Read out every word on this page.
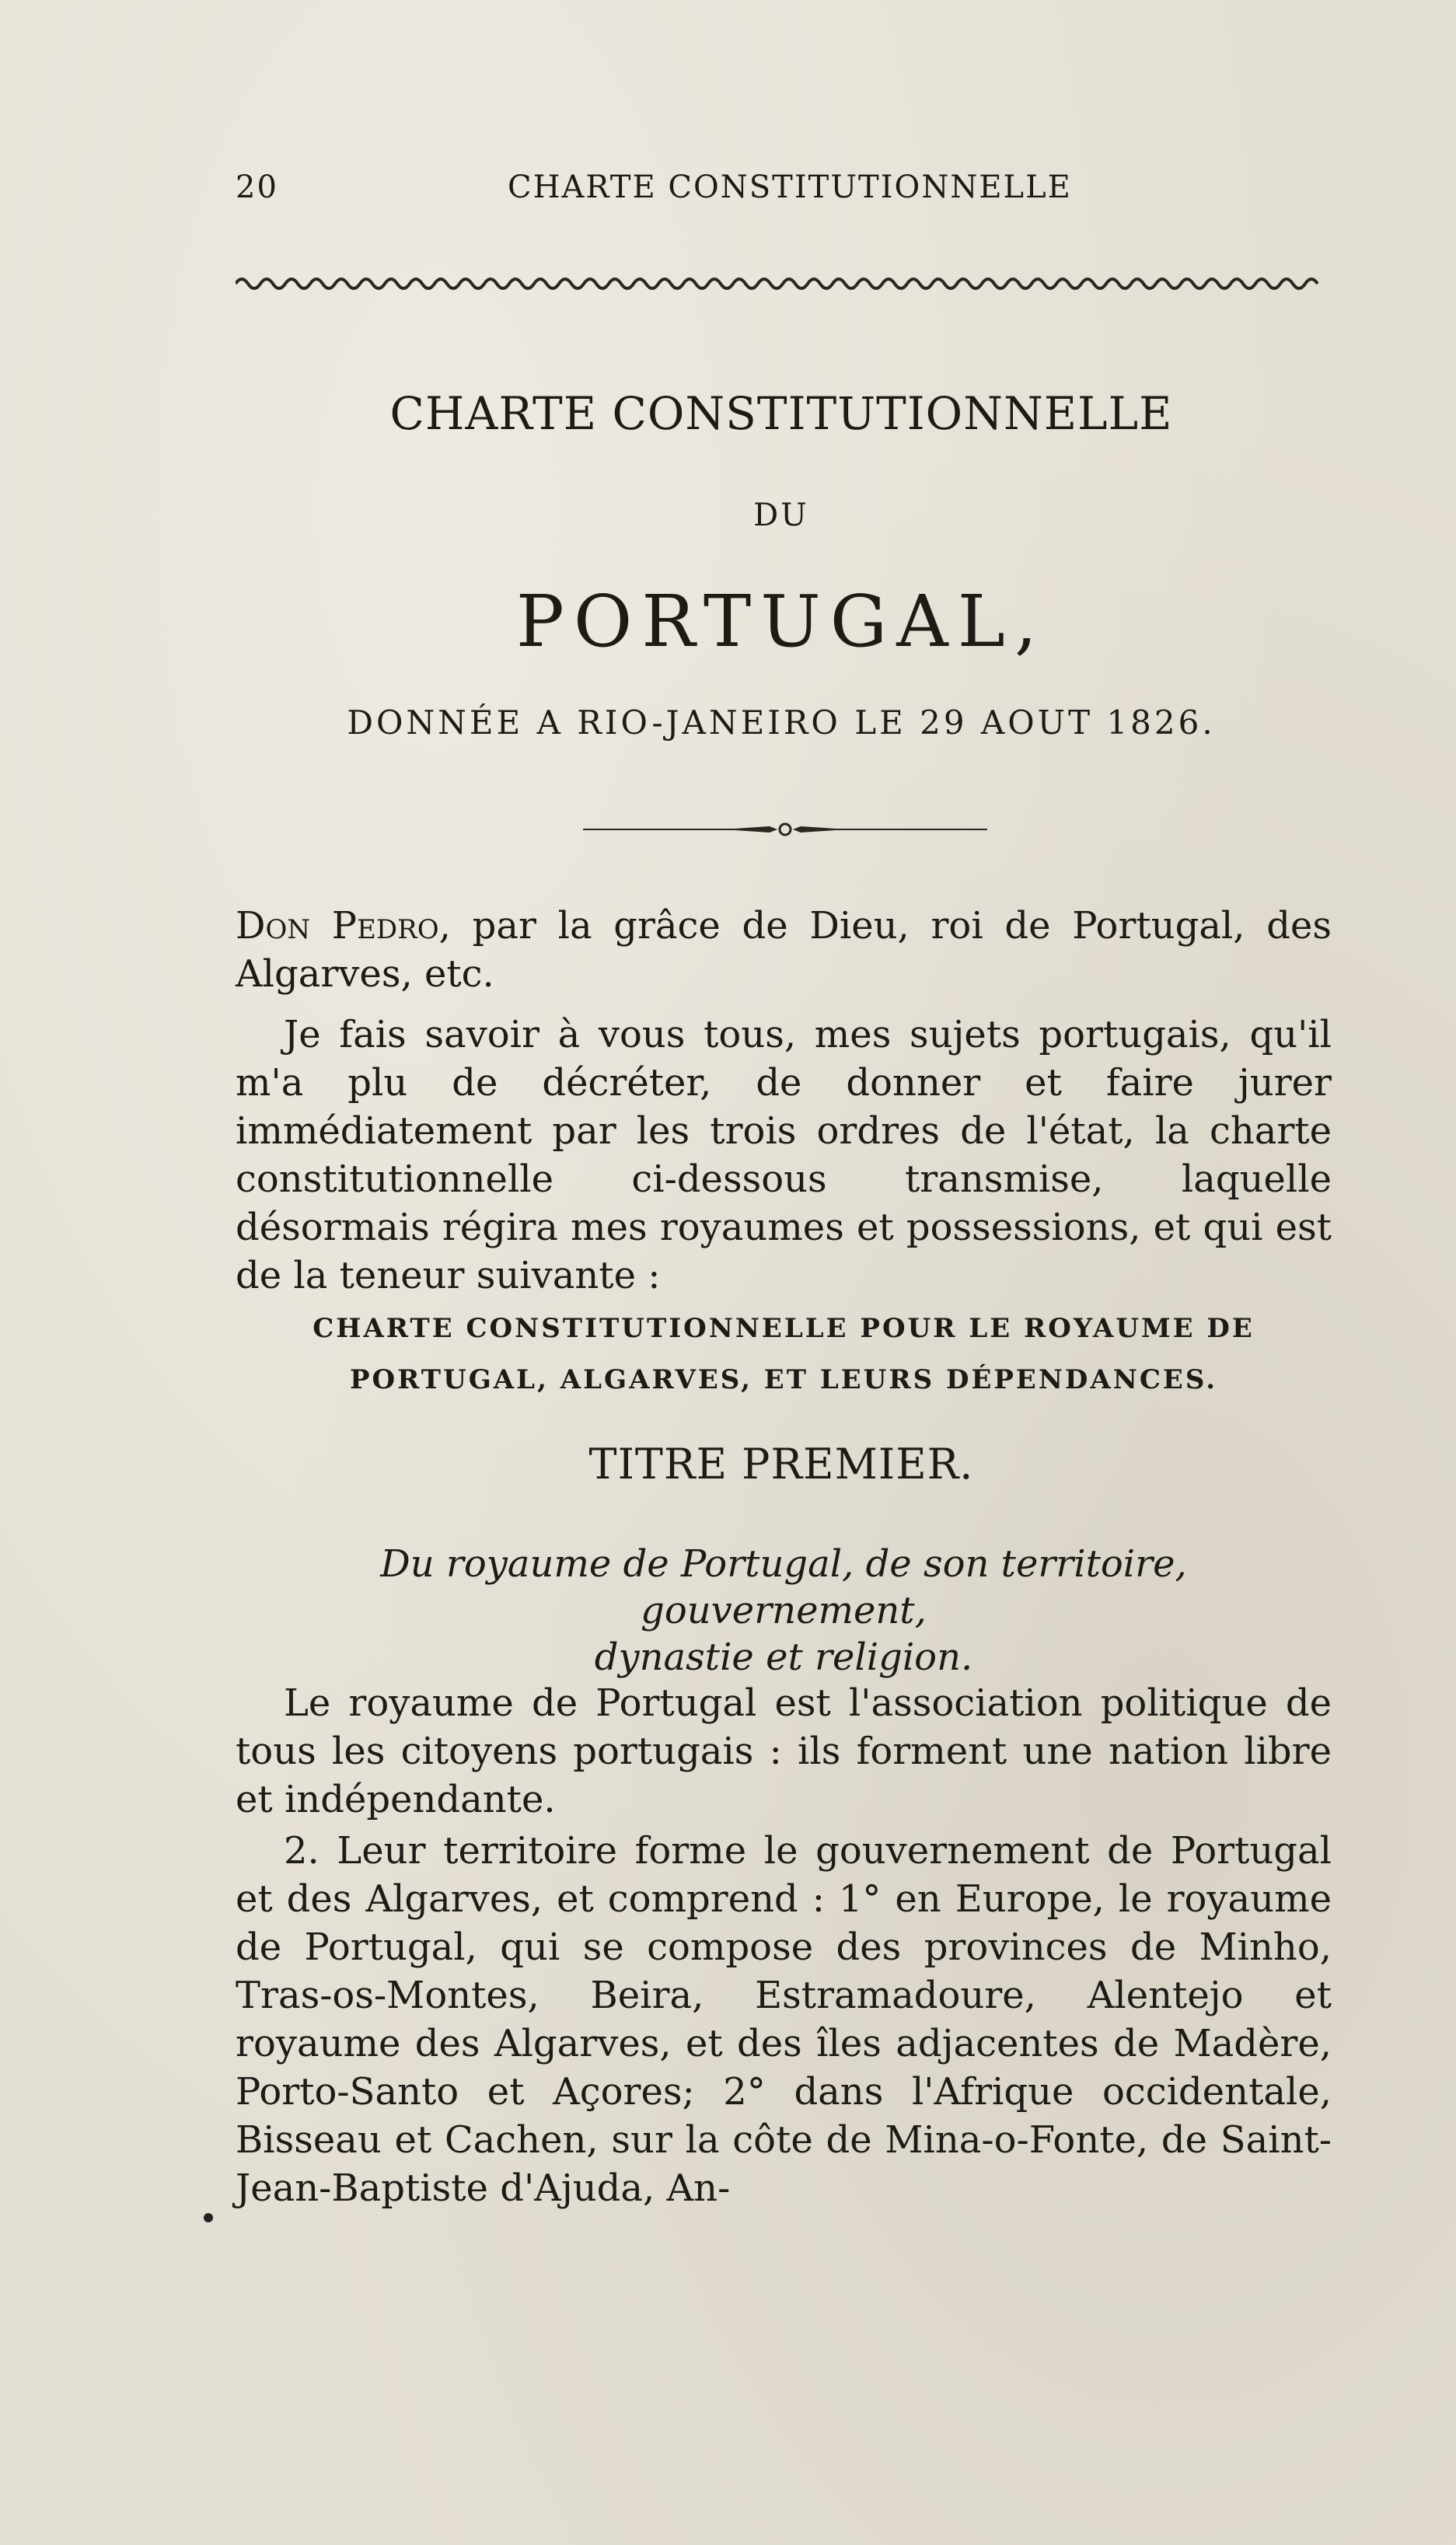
20	CHARTE CONSTITUTIONNELLE
CHARTE CONSTITUTIONNELLE
DU
PORTUGAL,
DONNÉE A RIO-JANEIRO LE 29 AOUT 1826.
Don Pedro, par la grâce de Dieu, roi de Portugal, des Algarves, etc.
Je fais savoir à vous tous, mes sujets portugais, qu'il m'a plu de décréter, de donner et faire jurer immédiatement par les trois ordres de l'état, la charte constitutionnelle ci-dessous transmise, laquelle désormais régira mes royaumes et possessions, et qui est de la teneur suivante :
CHARTE CONSTITUTIONNELLE POUR LE ROYAUME DE
PORTUGAL, ALGARVES, ET LEURS DÉPENDANCES.
TITRE PREMIER.
Du royaume de Portugal, de son territoire, gouvernement,
dynastie et religion.
Le royaume de Portugal est l'association politique de tous les citoyens portugais : ils forment une nation libre et indépendante.
2. Leur territoire forme le gouvernement de Portugal et des Algarves, et comprend : 1° en Europe, le royaume de Portugal, qui se compose des provinces de Minho, Tras-os-Montes, Beira, Estramadoure, Alentejo et royaume des Algarves, et des îles adjacentes de Madère, Porto-Santo et Açores; 2° dans l'Afrique occidentale, Bisseau et Cachen, sur la côte de Mina-o-Fonte, de Saint-Jean-Baptiste d'Ajuda, An-
